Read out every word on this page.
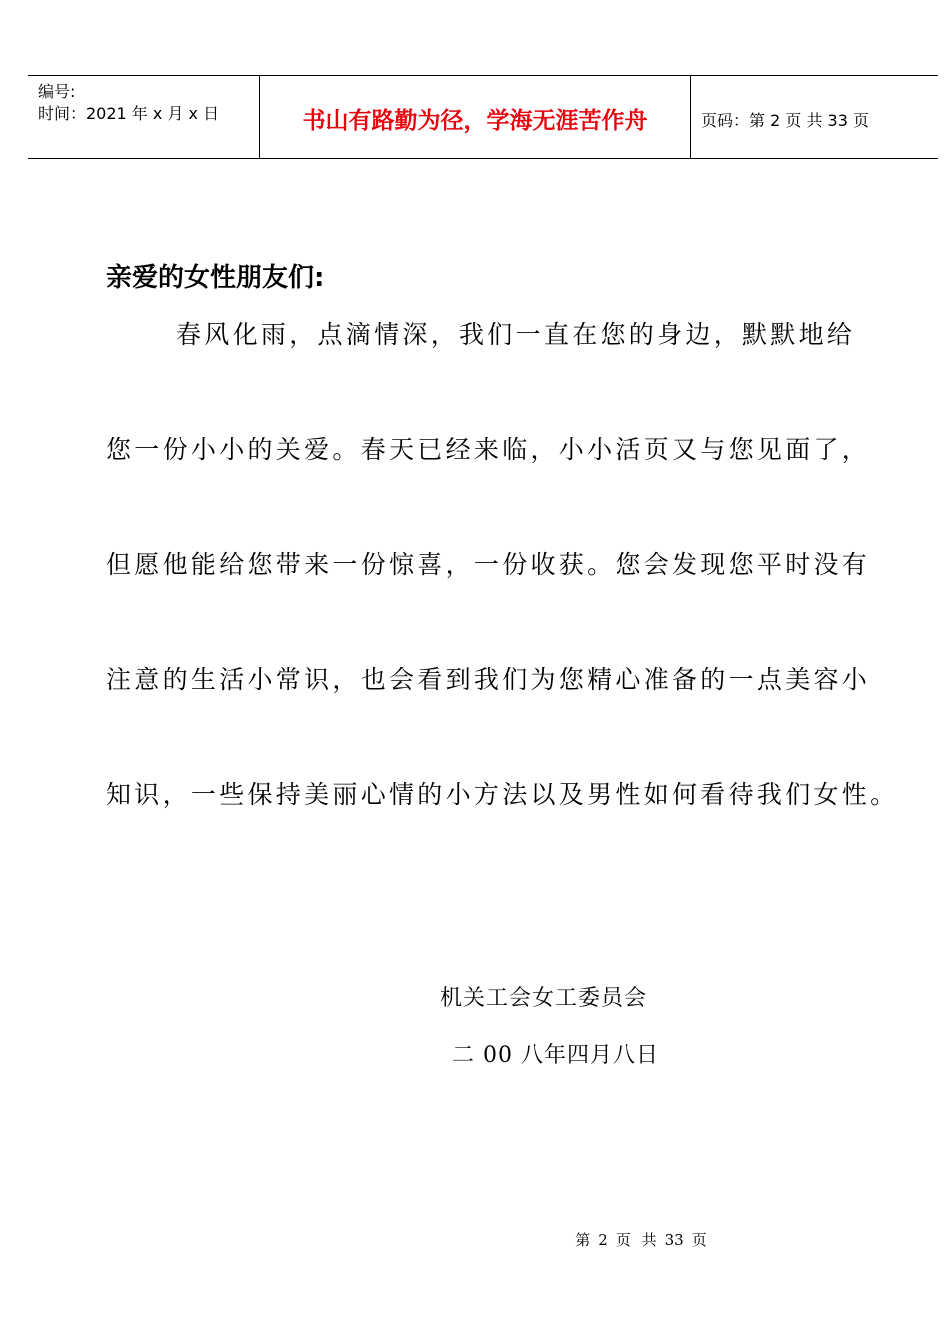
编号:
时间：2021 年 x 月 x 日	书山有路勤为径，学海无涯苦作舟	页码：第 2 页 共 33 页
亲爱的女性朋友们:
春风化雨，点滴情深，我们一直在您的身边，默默地给
您一份小小的关爱。春天已经来临，小小活页又与您见面了，
但愿他能给您带来一份惊喜，一份收获。您会发现您平时没有
注意的生活小常识，也会看到我们为您精心准备的一点美容小
知识，一些保持美丽心情的小方法以及男性如何看待我们女性。
机关工会女工委员会
二 00 八年四月八日
第 2 页 共 33 页
